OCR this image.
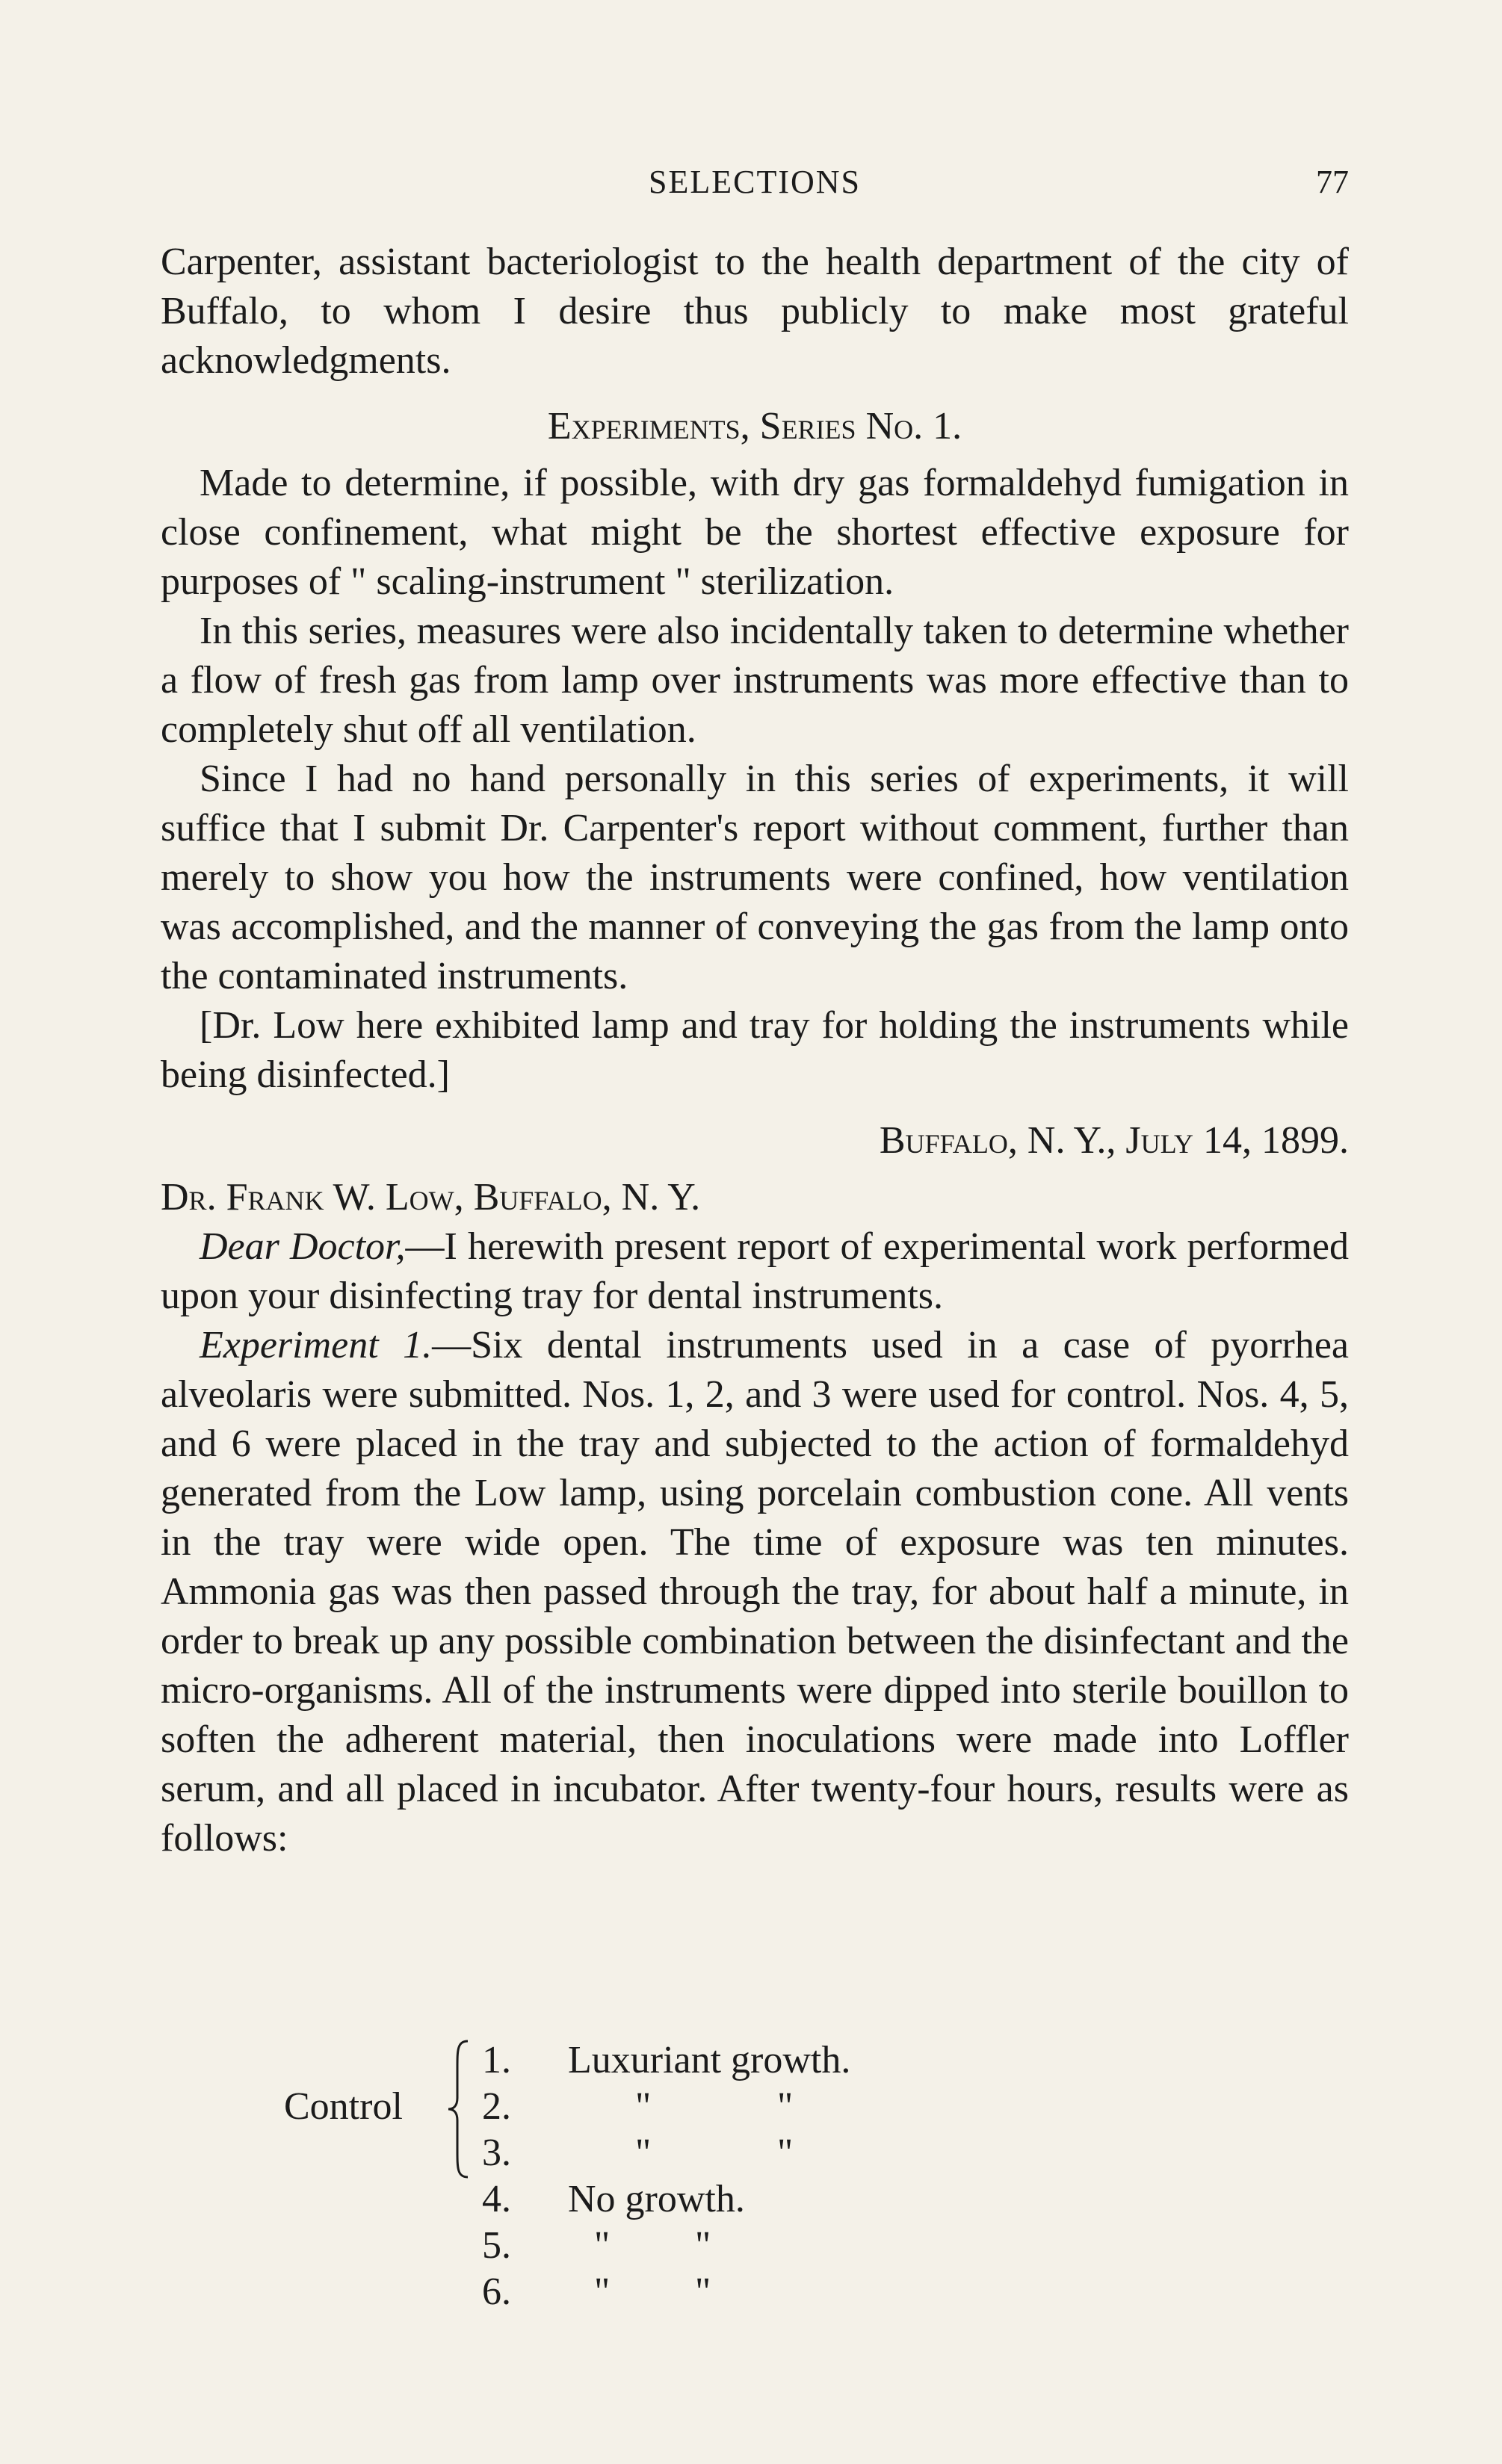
SELECTIONS	77

Carpenter, assistant bacteriologist to the health department of the city of Buffalo, to whom I desire thus publicly to make most grateful acknowledgments.

Experiments, Series No. 1.

Made to determine, if possible, with dry gas formaldehyd fumigation in close confinement, what might be the shortest effective exposure for purposes of " scaling-instrument " sterilization.

In this series, measures were also incidentally taken to determine whether a flow of fresh gas from lamp over instruments was more effective than to completely shut off all ventilation.

Since I had no hand personally in this series of experiments, it will suffice that I submit Dr. Carpenter's report without comment, further than merely to show you how the instruments were confined, how ventilation was accomplished, and the manner of conveying the gas from the lamp onto the contaminated instruments.

[Dr. Low here exhibited lamp and tray for holding the instruments while being disinfected.]

Buffalo, N. Y., July 14, 1899.

Dr. Frank W. Low, Buffalo, N. Y.

Dear Doctor,—I herewith present report of experimental work performed upon your disinfecting tray for dental instruments.

Experiment 1.—Six dental instruments used in a case of pyorrhea alveolaris were submitted. Nos. 1, 2, and 3 were used for control. Nos. 4, 5, and 6 were placed in the tray and subjected to the action of formaldehyd generated from the Low lamp, using porcelain combustion cone. All vents in the tray were wide open. The time of exposure was ten minutes. Ammonia gas was then passed through the tray, for about half a minute, in order to break up any possible combination between the disinfectant and the micro-organisms. All of the instruments were dipped into sterile bouillon to soften the adherent material, then inoculations were made into Loffler serum, and all placed in incubator. After twenty-four hours, results were as follows:

Control
1.	Luxuriant growth.
2.	"	"
3.	"	"
4.	No growth.
5.	" "
6.	" "
